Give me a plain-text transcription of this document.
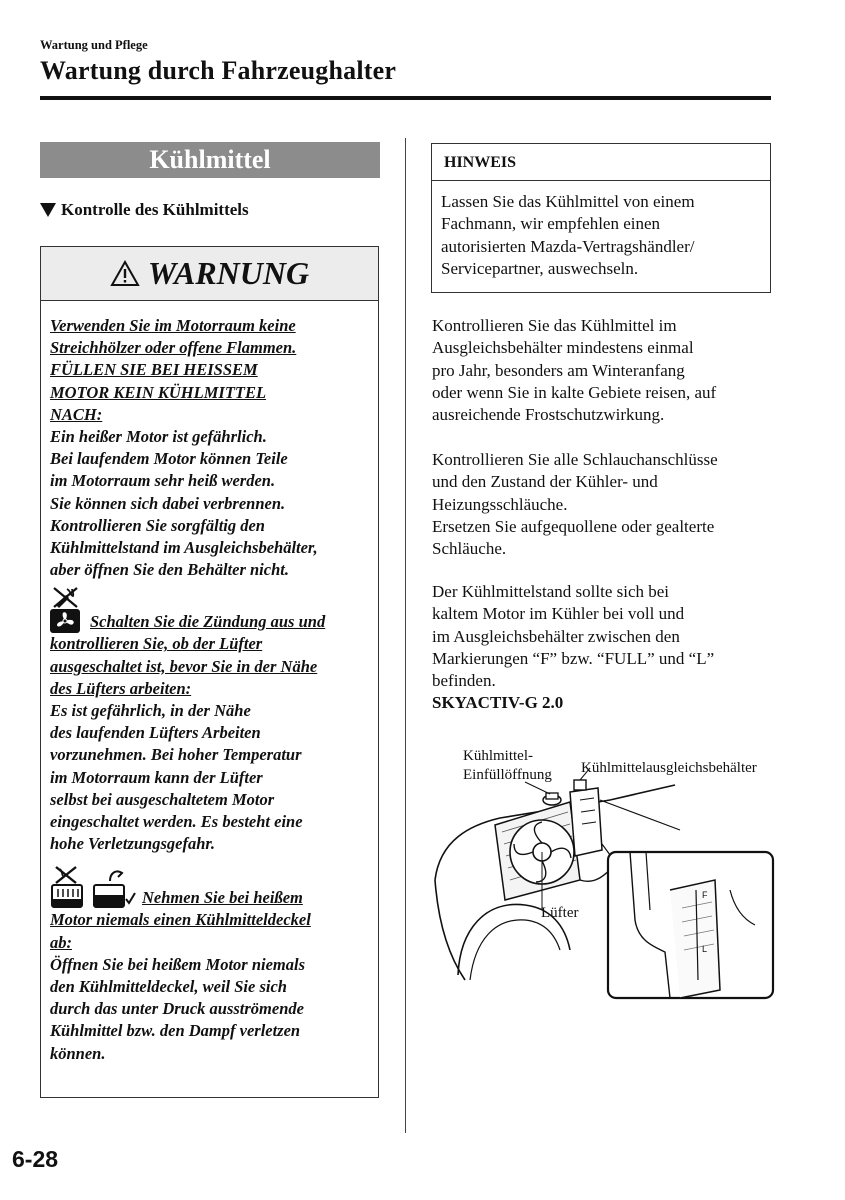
Wartung und Pflege
Wartung durch Fahrzeughalter
Kühlmittel
Kontrolle des Kühlmittels
WARNUNG

Verwenden Sie im Motorraum keine

Streichhölzer oder offene Flammen.

FÜLLEN SIE BEI HEISSEM

MOTOR KEIN KÜHLMITTEL

NACH:

Ein heißer Motor ist gefährlich.

Bei laufendem Motor können Teile

im Motorraum sehr heiß werden.

Sie können sich dabei verbrennen.

Kontrollieren Sie sorgfältig den

Kühlmittelstand im Ausgleichsbehälter,

aber öffnen Sie den Behälter nicht.

Schalten Sie die Zündung aus und

kontrollieren Sie, ob der Lüfter

ausgeschaltet ist, bevor Sie in der Nähe

des Lüfters arbeiten:

Es ist gefährlich, in der Nähe

des laufenden Lüfters Arbeiten

vorzunehmen. Bei hoher Temperatur

im Motorraum kann der Lüfter

selbst bei ausgeschaltetem Motor

eingeschaltet werden. Es besteht eine

hohe Verletzungsgefahr.

Nehmen Sie bei heißem

Motor niemals einen Kühlmitteldeckel

ab:

Öffnen Sie bei heißem Motor niemals

den Kühlmitteldeckel, weil Sie sich

durch das unter Druck ausströmende

Kühlmittel bzw. den Dampf verletzen

können.

HINWEIS
Lassen Sie das Kühlmittel von einem
Fachmann, wir empfehlen einen
autorisierten Mazda-Vertragshändler/
Servicepartner, auswechseln.

Kontrollieren Sie das Kühlmittel im

Ausgleichsbehälter mindestens einmal

pro Jahr, besonders am Winteranfang

oder wenn Sie in kalte Gebiete reisen, auf

ausreichende Frostschutzwirkung.

Kontrollieren Sie alle Schlauchanschlüsse

und den Zustand der Kühler- und

Heizungsschläuche.

Ersetzen Sie aufgequollene oder gealterte

Schläuche.

Der Kühlmittelstand sollte sich bei

kaltem Motor im Kühler bei voll und

im Ausgleichsbehälter zwischen den

Markierungen “F” bzw. “FULL” und “L”

befinden.

SKYACTIV-G 2.0

Kühlmittel-
Einfüllöffnung Kühlmittelausgleichsbehälter
Lüfter
F
L
6-28
